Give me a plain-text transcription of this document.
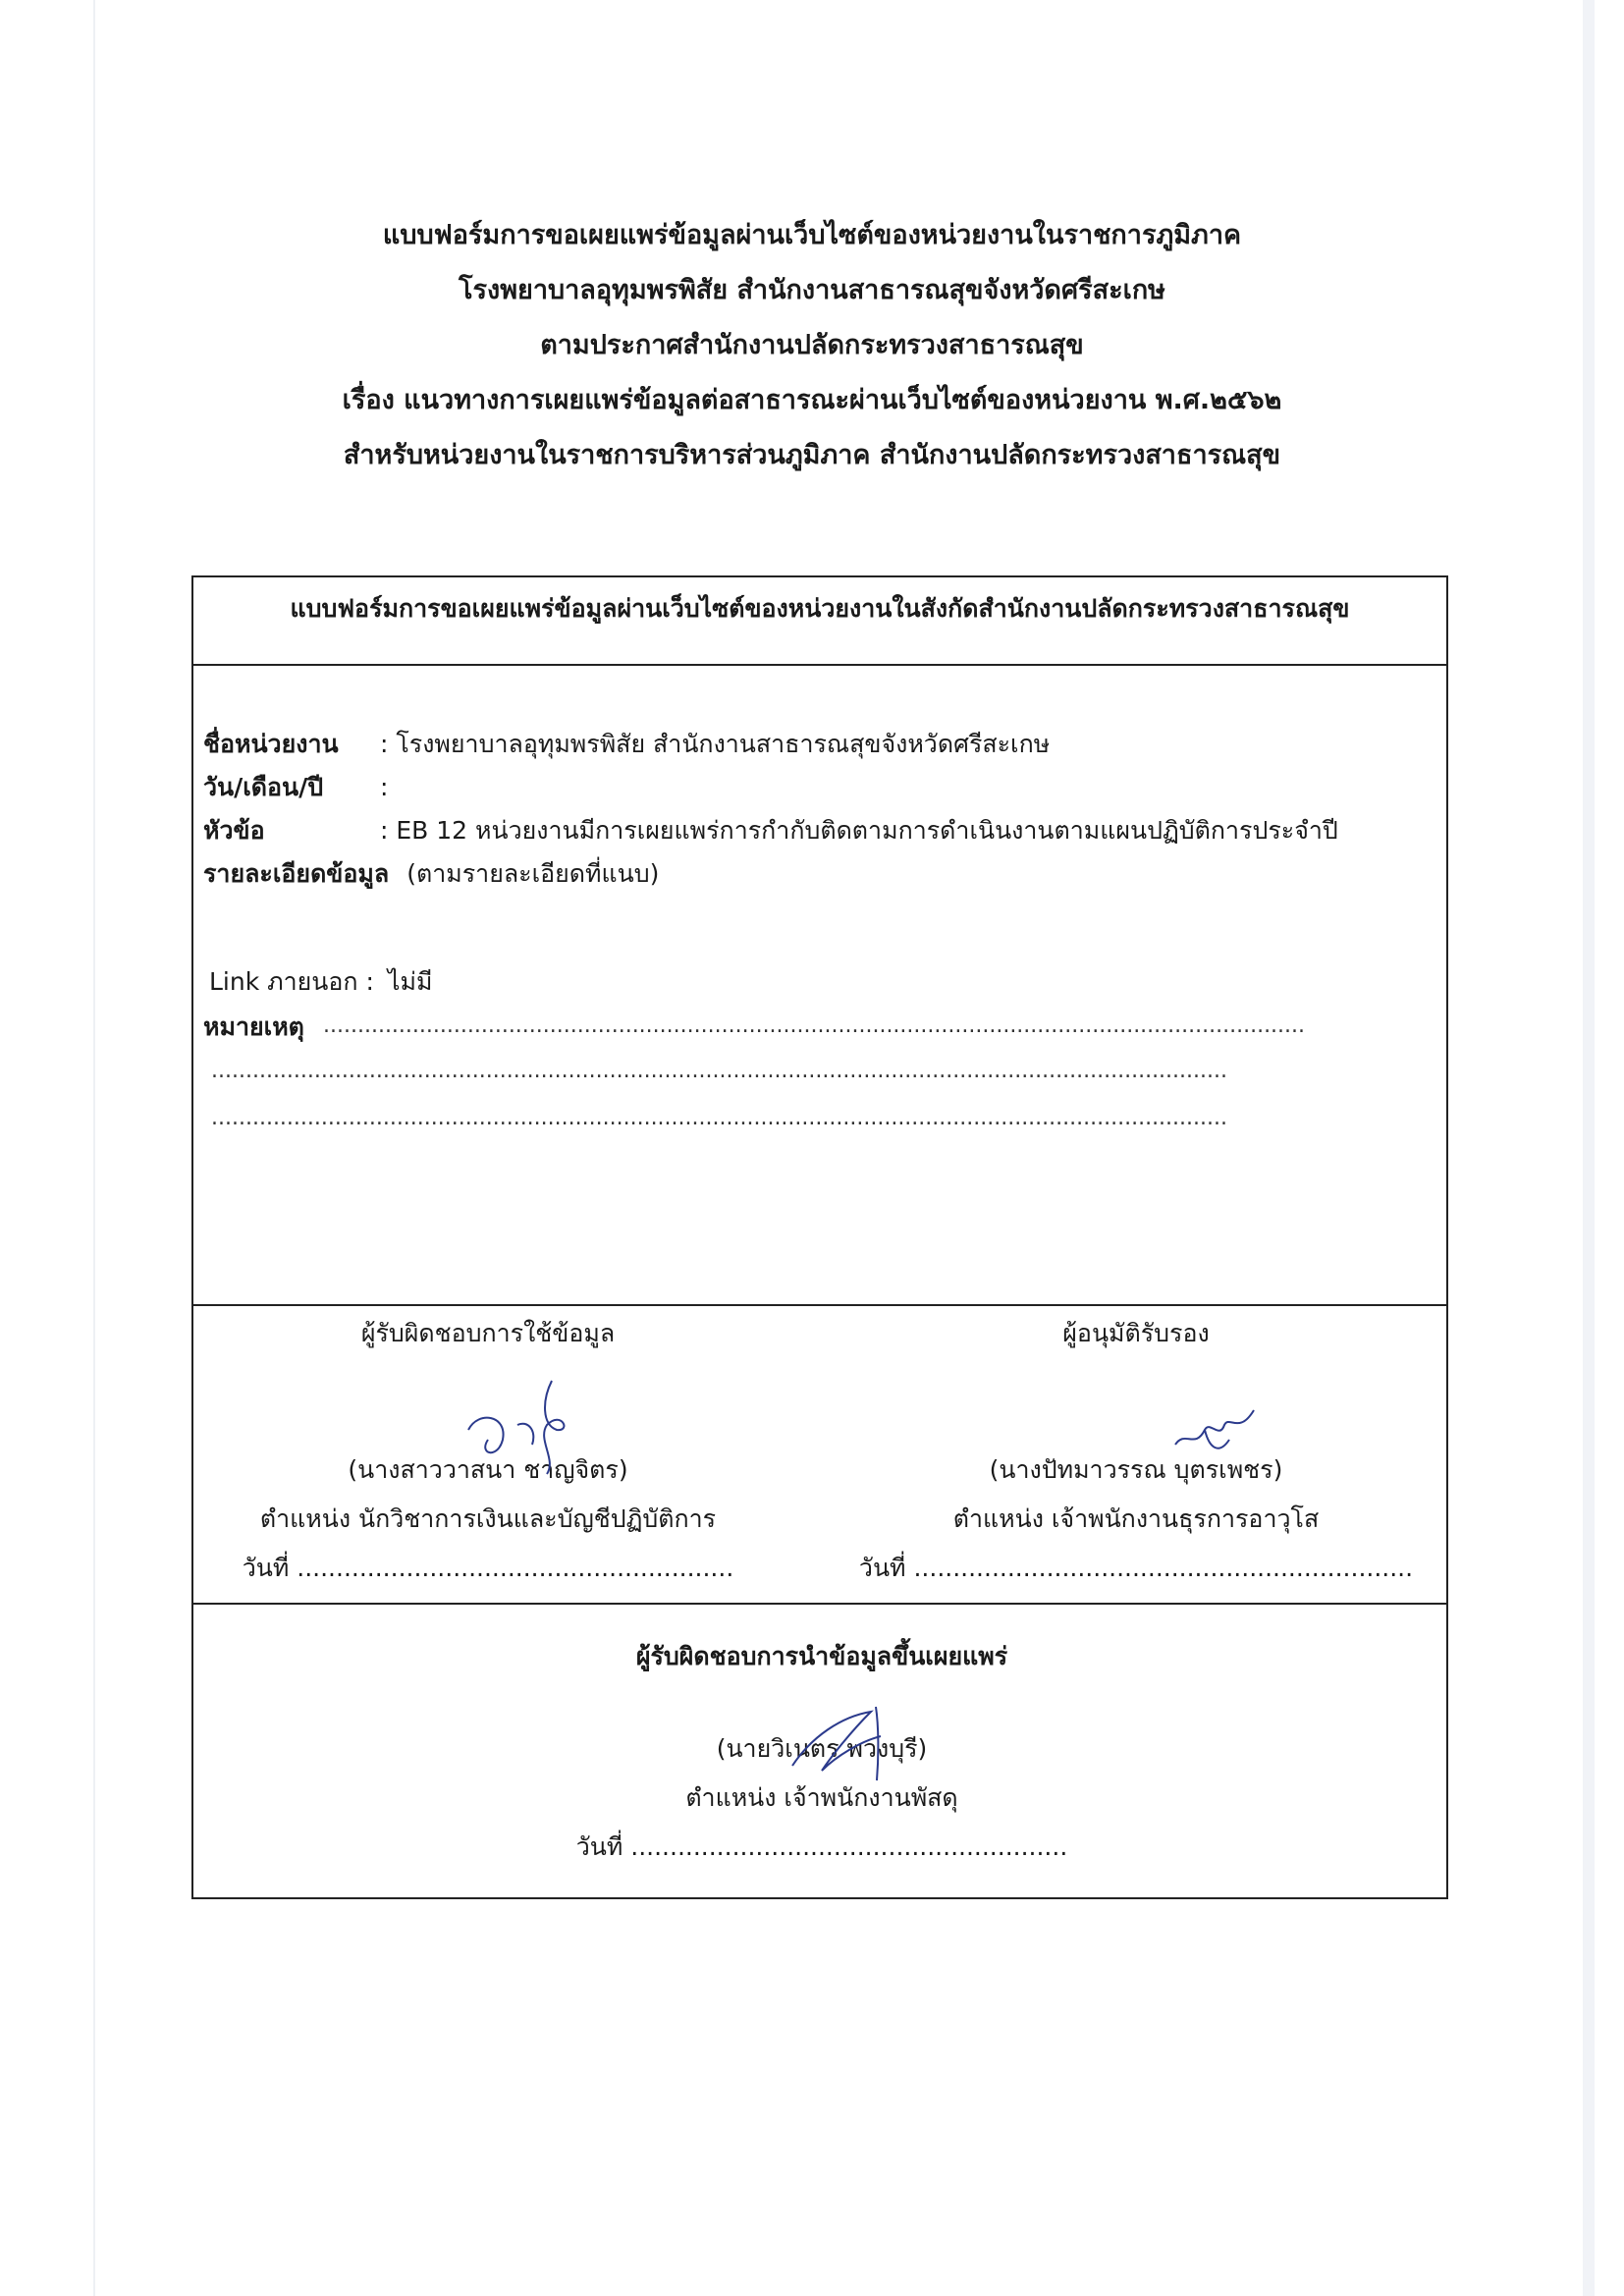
แบบฟอร์มการขอเผยแพร่ข้อมูลผ่านเว็บไซต์ของหน่วยงานในราชการภูมิภาค
โรงพยาบาลอุทุมพรพิสัย สำนักงานสาธารณสุขจังหวัดศรีสะเกษ
ตามประกาศสำนักงานปลัดกระทรวงสาธารณสุข
เรื่อง แนวทางการเผยแพร่ข้อมูลต่อสาธารณะผ่านเว็บไซต์ของหน่วยงาน พ.ศ.๒๕๖๒
สำหรับหน่วยงานในราชการบริหารส่วนภูมิภาค สำนักงานปลัดกระทรวงสาธารณสุข
แบบฟอร์มการขอเผยแพร่ข้อมูลผ่านเว็บไซต์ของหน่วยงานในสังกัดสำนักงานปลัดกระทรวงสาธารณสุข
ชื่อหน่วยงาน : โรงพยาบาลอุทุมพรพิสัย สำนักงานสาธารณสุขจังหวัดศรีสะเกษ
วัน/เดือน/ปี :
หัวข้อ	: EB 12 หน่วยงานมีการเผยแพร่การกำกับติดตามการดำเนินงานตามแผนปฏิบัติการประจำปี
รายละเอียดข้อมูล (ตามรายละเอียดที่แนบ)
Link ภายนอก : ไม่มี
หมายเหตุ ...............................................................................................................................................
....................................................................................................................................................
....................................................................................................................................................
ผู้รับผิดชอบการใช้ข้อมูล
(นางสาววาสนา ชาญจิตร)
ตำแหน่ง นักวิชาการเงินและบัญชีปฏิบัติการ
วันที่ ........................................................
ผู้อนุมัติรับรอง
(นางปัทมาวรรณ บุตรเพชร)
ตำแหน่ง เจ้าพนักงานธุรการอาวุโส
วันที่ ................................................................
ผู้รับผิดชอบการนำข้อมูลขึ้นเผยแพร่
(นายวิเนตร พวงบุรี)
ตำแหน่ง เจ้าพนักงานพัสดุ
วันที่ ........................................................
